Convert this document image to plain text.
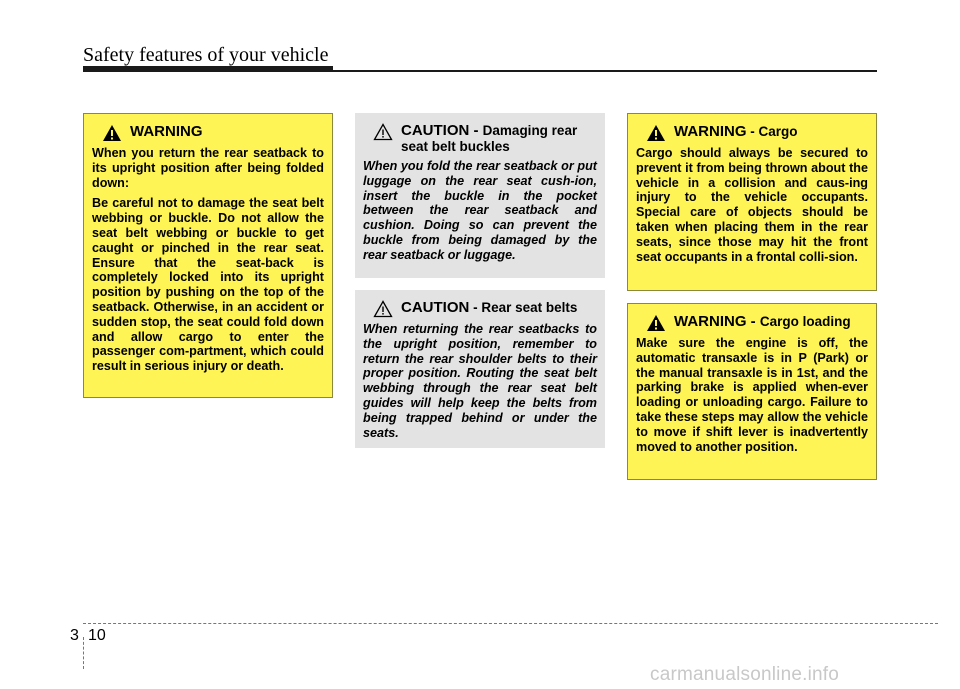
Safety features of your vehicle
WARNING

When you return the rear seatback to its upright position after being folded down:

Be careful not to damage the seat belt webbing or buckle. Do not allow the seat belt webbing or buckle to get caught or pinched in the rear seat. Ensure that the seat-back is completely locked into its upright position by pushing on the top of the seatback. Otherwise, in an accident or sudden stop, the seat could fold down and allow cargo to enter the passenger com-partment, which could result in serious injury or death.

CAUTION - Damaging rear seat belt buckles

When you fold the rear seatback or put luggage on the rear seat cush-ion, insert the buckle in the pocket between the rear seatback and cushion. Doing so can prevent the buckle from being damaged by the rear seatback or luggage.

CAUTION - Rear seat belts

When returning the rear seatbacks to the upright position, remember to return the rear shoulder belts to their proper position. Routing the seat belt webbing through the rear seat belt guides will help keep the belts from being trapped behind or under the seats.

WARNING - Cargo

Cargo should always be secured to prevent it from being thrown about the vehicle in a collision and caus-ing injury to the vehicle occupants. Special care of objects should be taken when placing them in the rear seats, since those may hit the front seat occupants in a frontal colli-sion.

WARNING - Cargo loading

Make sure the engine is off, the automatic transaxle is in P (Park) or the manual transaxle is in 1st, and the parking brake is applied when-ever loading or unloading cargo. Failure to take these steps may allow the vehicle to move if shift lever is inadvertently moved to another position.

3 10
carmanualsonline.info
